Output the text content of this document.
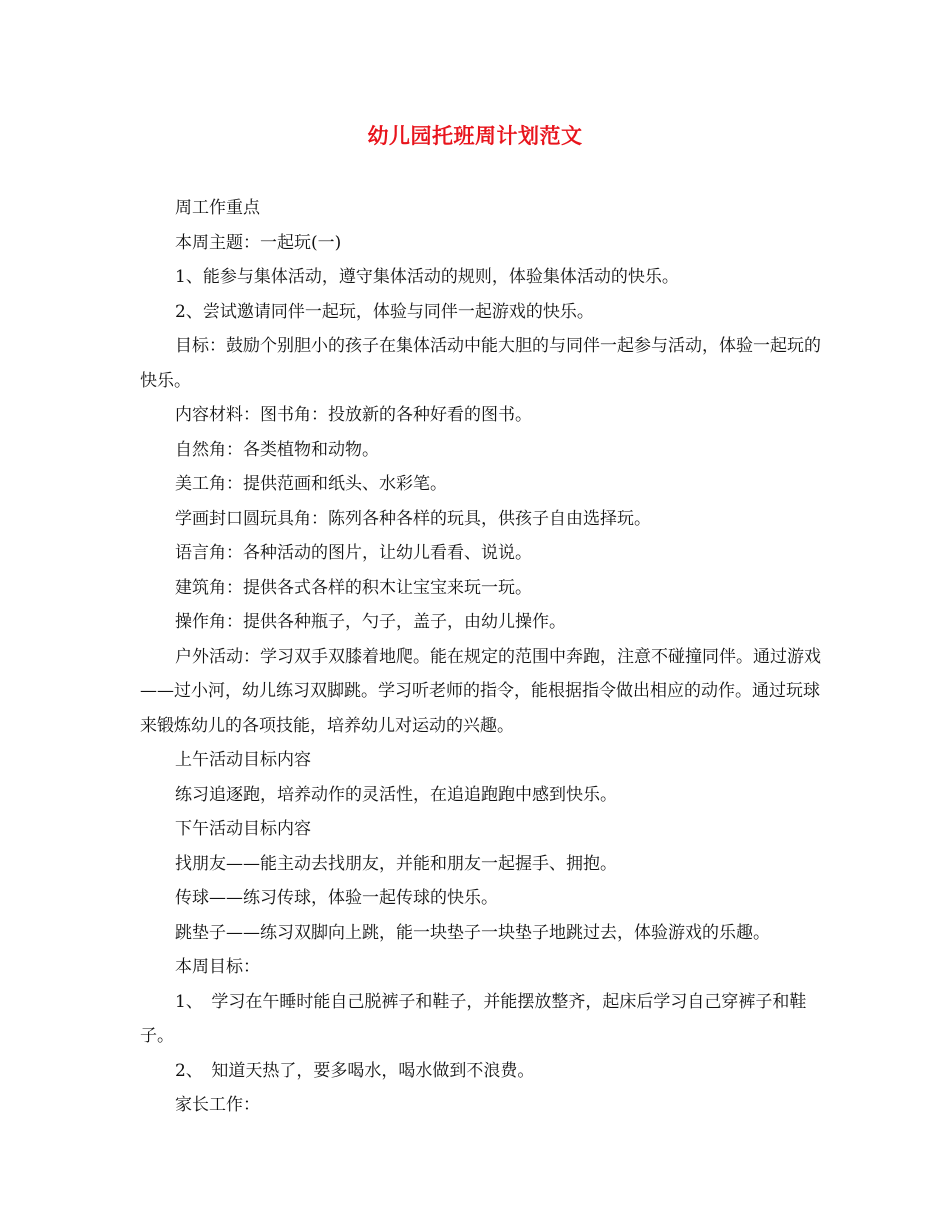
幼儿园托班周计划范文

周工作重点

本周主题：一起玩(一)

1、能参与集体活动，遵守集体活动的规则，体验集体活动的快乐。

2、尝试邀请同伴一起玩，体验与同伴一起游戏的快乐。

目标：鼓励个别胆小的孩子在集体活动中能大胆的与同伴一起参与活动，体验一起玩的快乐。

内容材料：图书角：投放新的各种好看的图书。

自然角：各类植物和动物。

美工角：提供范画和纸头、水彩笔。

学画封口圆玩具角：陈列各种各样的玩具，供孩子自由选择玩。

语言角：各种活动的图片，让幼儿看看、说说。

建筑角：提供各式各样的积木让宝宝来玩一玩。

操作角：提供各种瓶子，勺子，盖子，由幼儿操作。

户外活动：学习双手双膝着地爬。能在规定的范围中奔跑，注意不碰撞同伴。通过游戏——过小河，幼儿练习双脚跳。学习听老师的指令，能根据指令做出相应的动作。通过玩球来锻炼幼儿的各项技能，培养幼儿对运动的兴趣。

上午活动目标内容

练习追逐跑，培养动作的灵活性，在追追跑跑中感到快乐。

下午活动目标内容

找朋友——能主动去找朋友，并能和朋友一起握手、拥抱。

传球——练习传球，体验一起传球的快乐。

跳垫子——练习双脚向上跳，能一块垫子一块垫子地跳过去，体验游戏的乐趣。

本周目标：

1、　学习在午睡时能自己脱裤子和鞋子，并能摆放整齐，起床后学习自己穿裤子和鞋子。

2、　知道天热了，要多喝水，喝水做到不浪费。

家长工作：
